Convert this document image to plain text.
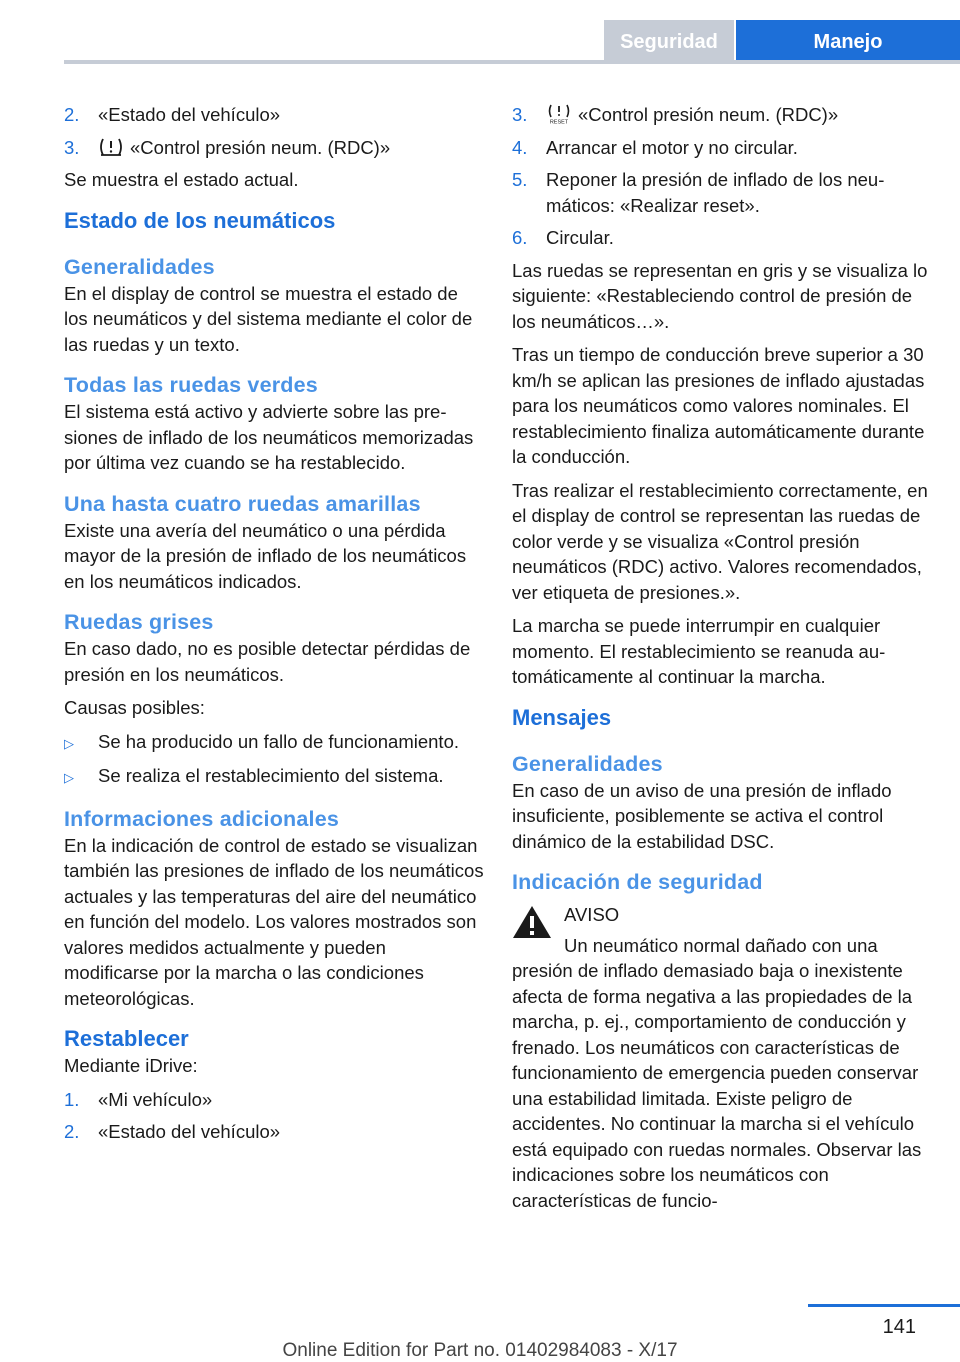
Seguridad	Manejo
2.	«Estado del vehículo»
3.	«Control presión neum. (RDC)»

Se muestra el estado actual.

Estado de los neumáticos
Generalidades

En el display de control se muestra el estado de los neumáticos y del sistema mediante el color de las ruedas y un texto.

Todas las ruedas verdes

El sistema está activo y advierte sobre las presiones de inflado de los neumáticos memorizadas por última vez cuando se ha restablecido.

Una hasta cuatro ruedas amarillas

Existe una avería del neumático o una pérdida mayor de la presión de inflado de los neumáticos en los neumáticos indicados.

Ruedas grises

En caso dado, no es posible detectar pérdidas de presión en los neumáticos.

Causas posibles:

▷	Se ha producido un fallo de funcionamiento.
▷	Se realiza el restablecimiento del sistema.
Informaciones adicionales

En la indicación de control de estado se visualizan también las presiones de inflado de los neumáticos actuales y las temperaturas del aire del neumático en función del modelo. Los valores mostrados son valores medidos actualmente y pueden modificarse por la marcha o las condiciones meteorológicas.

Restablecer

Mediante iDrive:

1.	«Mi vehículo»
2.	«Estado del vehículo»
3.	RESET «Control presión neum. (RDC)»
4.	Arrancar el motor y no circular.
5.	Reponer la presión de inflado de los neumáticos: «Realizar reset».
6.	Circular.

Las ruedas se representan en gris y se visualiza lo siguiente: «Restableciendo control de presión de los neumáticos…».

Tras un tiempo de conducción breve superior a 30 km/h se aplican las presiones de inflado ajustadas para los neumáticos como valores nominales. El restablecimiento finaliza automáticamente durante la conducción.

Tras realizar el restablecimiento correctamente, en el display de control se representan las ruedas de color verde y se visualiza «Control presión neumáticos (RDC) activo. Valores recomendados, ver etiqueta de presiones.».

La marcha se puede interrumpir en cualquier momento. El restablecimiento se reanuda automáticamente al continuar la marcha.

Mensajes
Generalidades

En caso de un aviso de una presión de inflado insuficiente, posiblemente se activa el control dinámico de la estabilidad DSC.

Indicación de seguridad
AVISO
Un neumático normal dañado con una

presión de inflado demasiado baja o inexistente afecta de forma negativa a las propiedades de la marcha, p. ej., comportamiento de conducción y frenado. Los neumáticos con características de funcionamiento de emergencia pueden conservar una estabilidad limitada. Existe peligro de accidentes. No continuar la marcha si el vehículo está equipado con ruedas normales. Observar las indicaciones sobre los neumáticos con características de funcio-

141
Online Edition for Part no. 01402984083 - X/17
